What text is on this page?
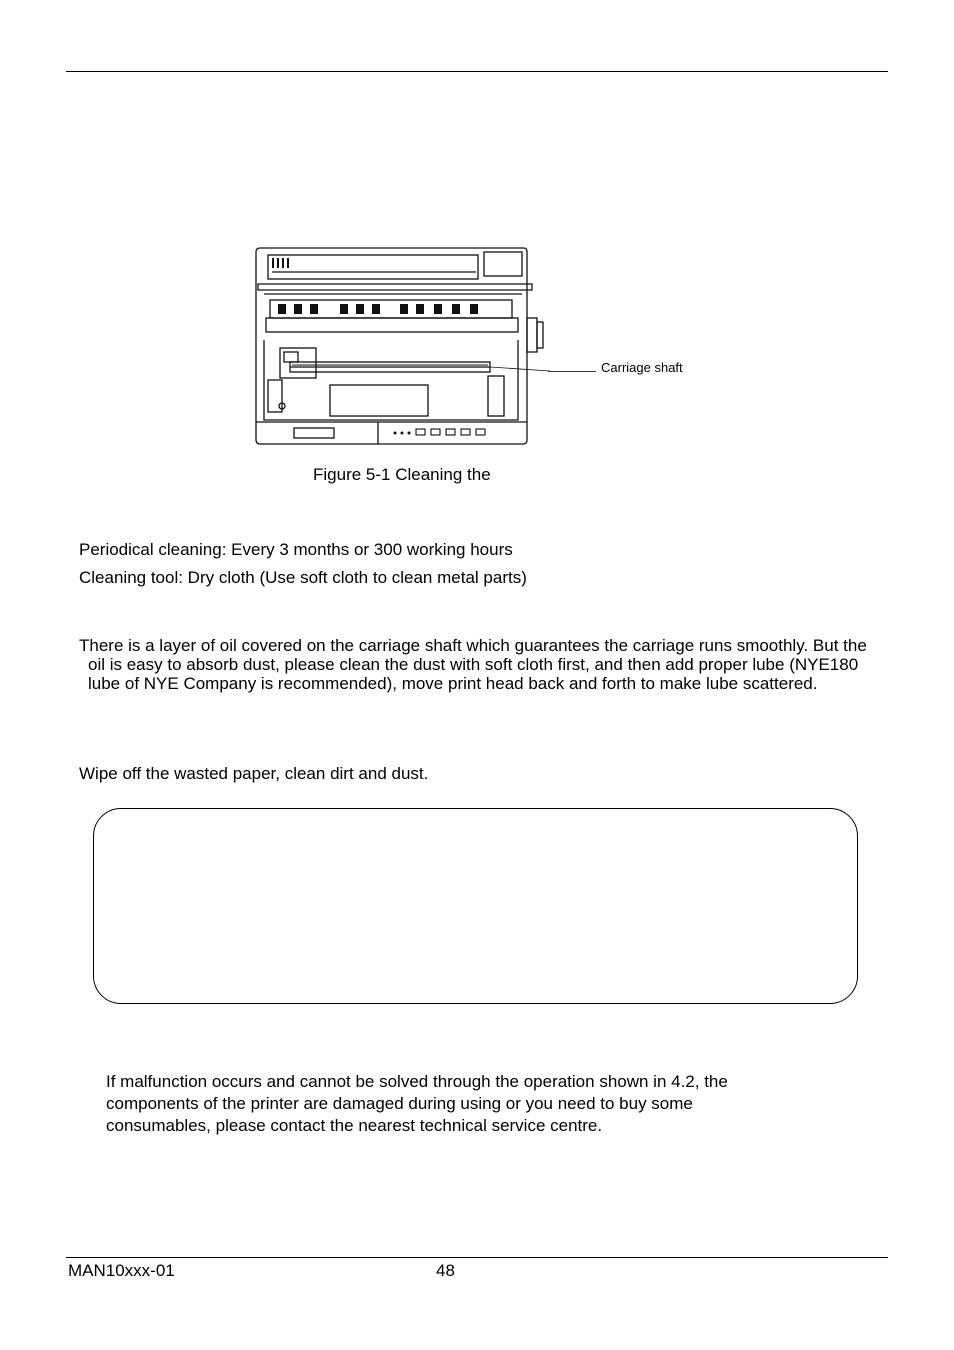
Carriage shaft
Figure 5-1 Cleaning the
Periodical cleaning: Every 3 months or 300 working hours
Cleaning tool: Dry cloth (Use soft cloth to clean metal parts)
There is a layer of oil covered on the carriage shaft which guarantees the carriage runs smoothly. But the oil is easy to absorb dust, please clean the dust with soft cloth first, and then add proper lube (NYE180 lube of NYE Company is recommended), move print head back and forth to make lube scattered.
Wipe off the wasted paper, clean dirt and dust.
If malfunction occurs and cannot be solved through the operation shown in 4.2, the
components of the printer are damaged during using or you need to buy some
consumables, please contact the nearest technical service centre.
MAN10xxx-01	48
